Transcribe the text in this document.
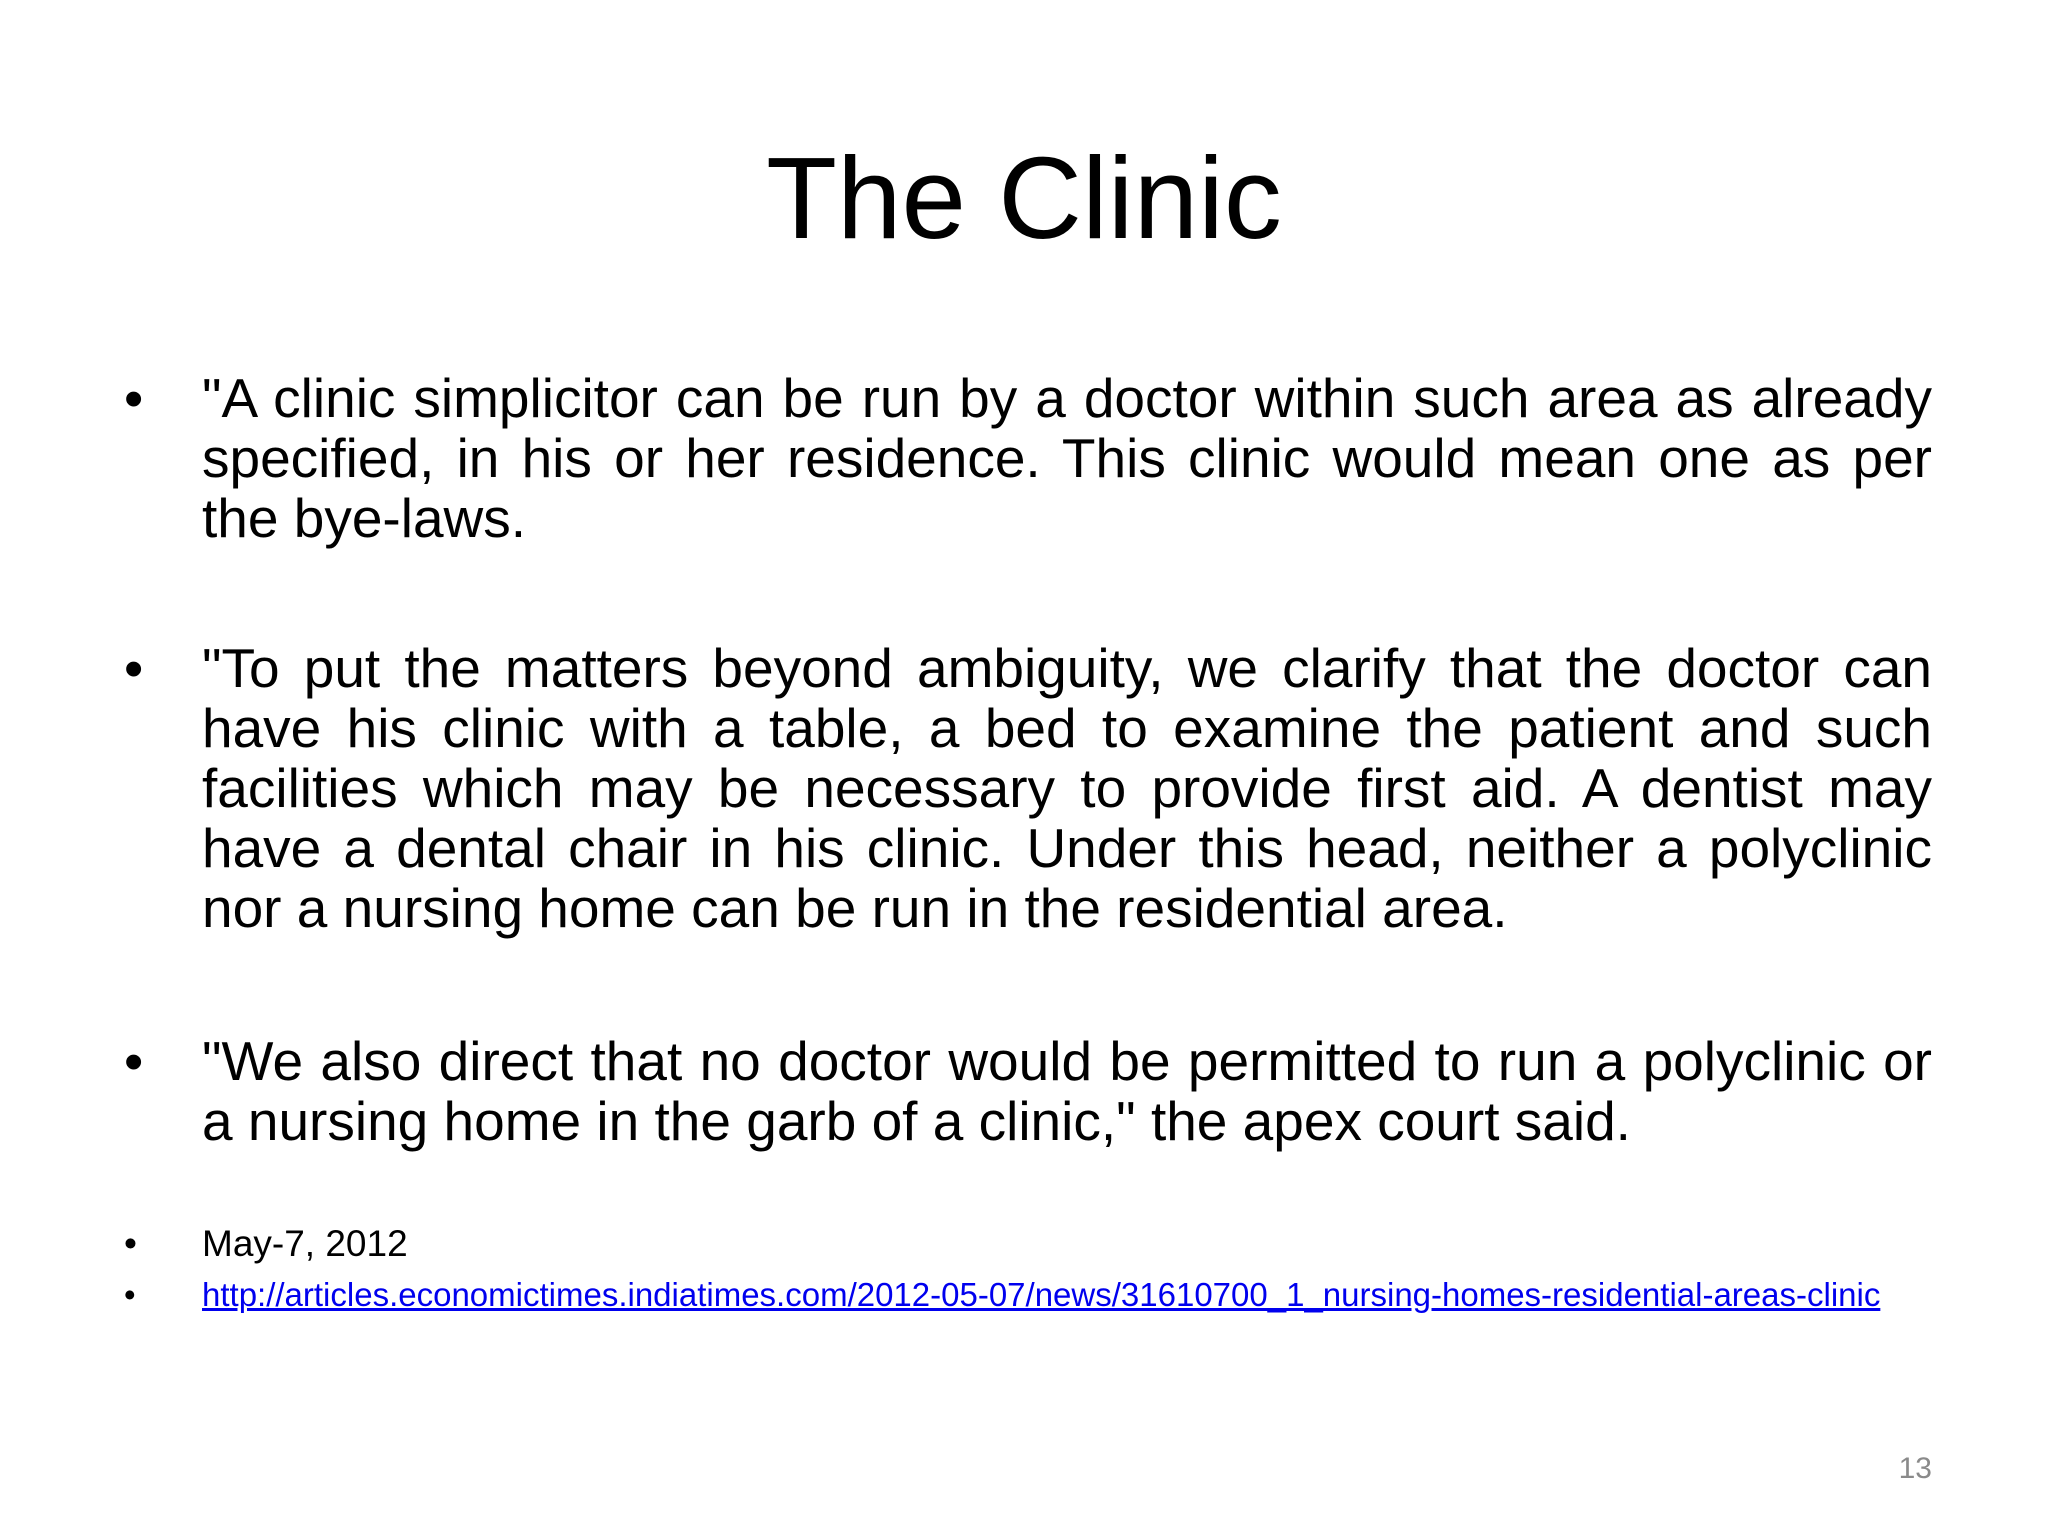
The Clinic
•	"A clinic simplicitor can be run by a doctor within such area as already specified, in his or her residence. This clinic would mean one as per the bye-laws.
•	"To put the matters beyond ambiguity, we clarify that the doctor can have his clinic with a table, a bed to examine the patient and such facilities which may be necessary to provide first aid. A dentist may have a dental chair in his clinic. Under this head, neither a polyclinic nor a nursing home can be run in the residential area.
•	"We also direct that no doctor would be permitted to run a polyclinic or a nursing home in the garb of a clinic," the apex court said.
•	May-7, 2012
•	http://articles.economictimes.indiatimes.com/2012-05-07/news/31610700_1_nursing-homes-residential-areas-clinic
13
